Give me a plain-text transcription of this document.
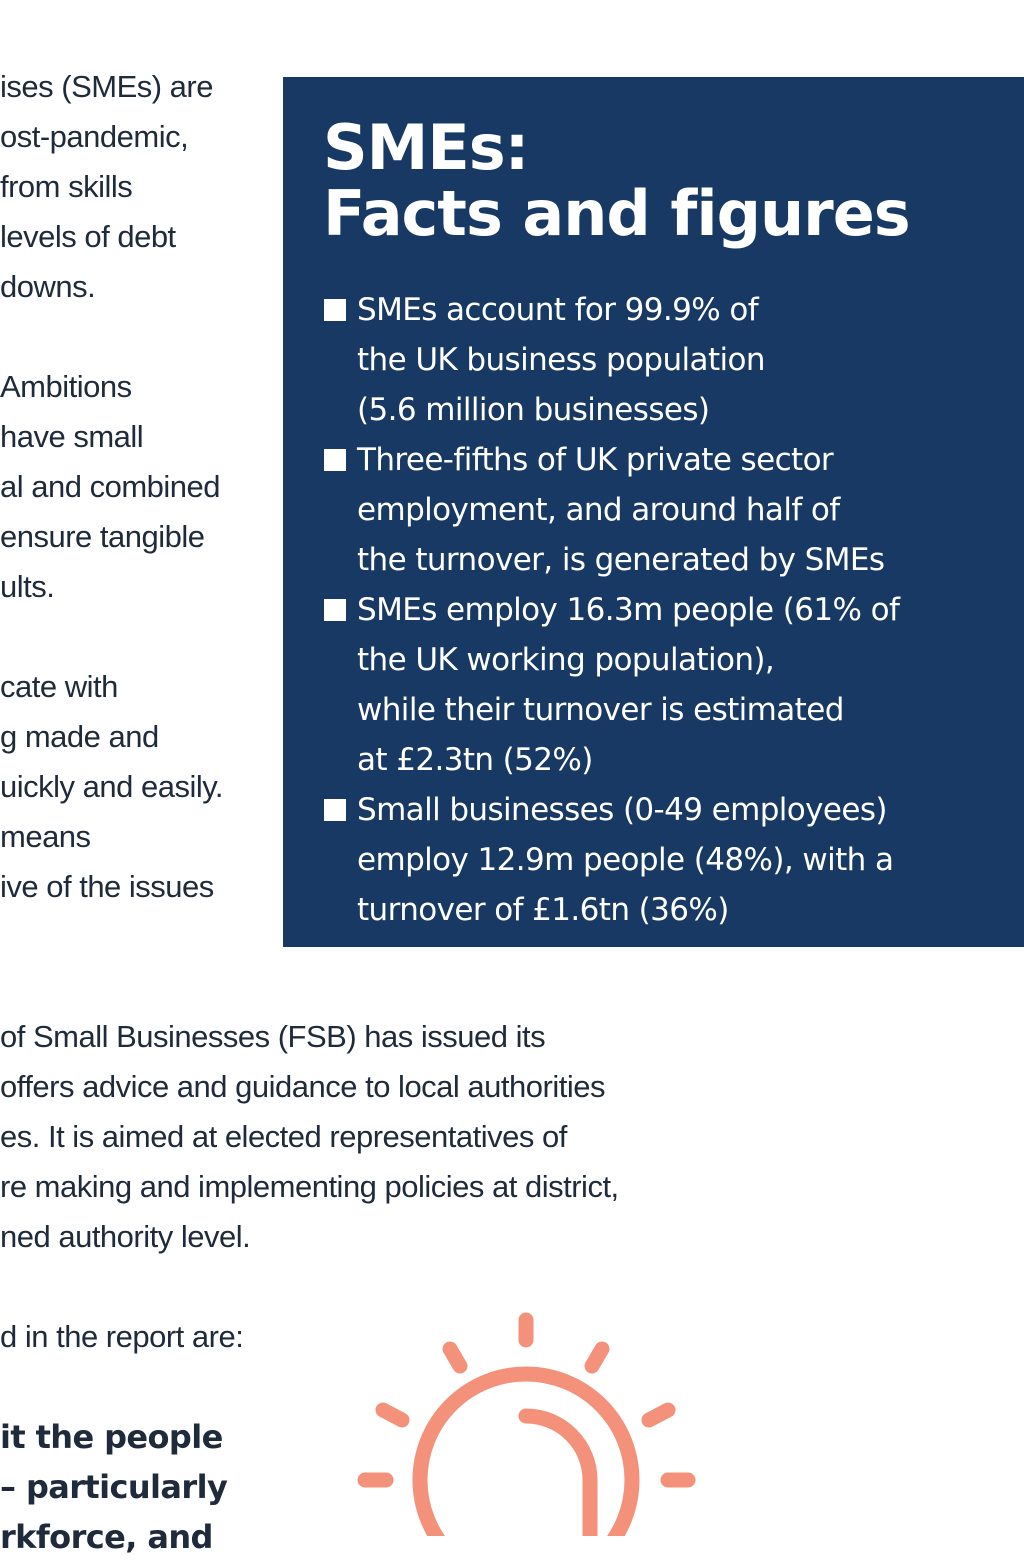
ises (SMEs) are
ost-pandemic,
from skills
levels of debt
downs.
Ambitions
have small
al and combined
ensure tangible
ults.
cate with
g made and
uickly and easily.
means
ive of the issues
SMEs:
Facts and figures
SMEs account for 99.9% of
the UK business population
(5.6 million businesses)
Three-fifths of UK private sector
employment, and around half of
the turnover, is generated by SMEs
SMEs employ 16.3m people (61% of
the UK working population),
while their turnover is estimated
at £2.3tn (52%)
Small businesses (0-49 employees)
employ 12.9m people (48%), with a
turnover of £1.6tn (36%)
of Small Businesses (FSB) has issued its
offers advice and guidance to local authorities
es. It is aimed at elected representatives of
re making and implementing policies at district,
ned authority level.
d in the report are:
it the people
– particularly
rkforce, and
